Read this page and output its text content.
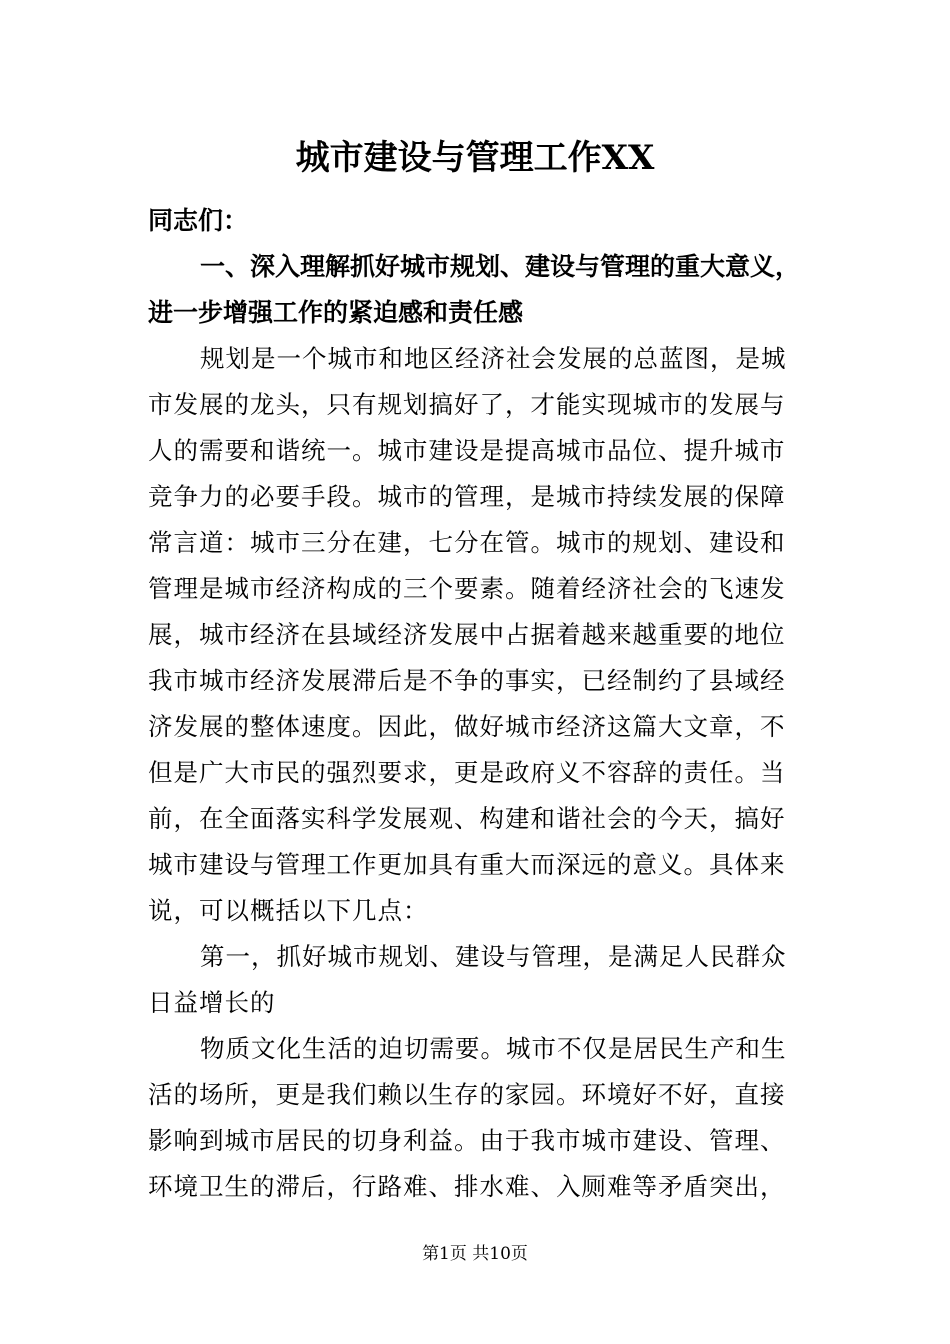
城市建设与管理工作XX
同志们：
一、深入理解抓好城市规划、建设与管理的重大意义，
进一步增强工作的紧迫感和责任感
规划是一个城市和地区经济社会发展的总蓝图，是城
市发展的龙头，只有规划搞好了，才能实现城市的发展与
人的需要和谐统一。城市建设是提高城市品位、提升城市
竞争力的必要手段。城市的管理，是城市持续发展的保障
常言道：城市三分在建，七分在管。城市的规划、建设和
管理是城市经济构成的三个要素。随着经济社会的飞速发
展，城市经济在县域经济发展中占据着越来越重要的地位
我市城市经济发展滞后是不争的事实，已经制约了县域经
济发展的整体速度。因此，做好城市经济这篇大文章，不
但是广大市民的强烈要求，更是政府义不容辞的责任。当
前，在全面落实科学发展观、构建和谐社会的今天，搞好
城市建设与管理工作更加具有重大而深远的意义。具体来
说，可以概括以下几点：
第一，抓好城市规划、建设与管理，是满足人民群众
日益增长的
物质文化生活的迫切需要。城市不仅是居民生产和生
活的场所，更是我们赖以生存的家园。环境好不好，直接
影响到城市居民的切身利益。由于我市城市建设、管理、
环境卫生的滞后，行路难、排水难、入厕难等矛盾突出，
第1页 共10页
